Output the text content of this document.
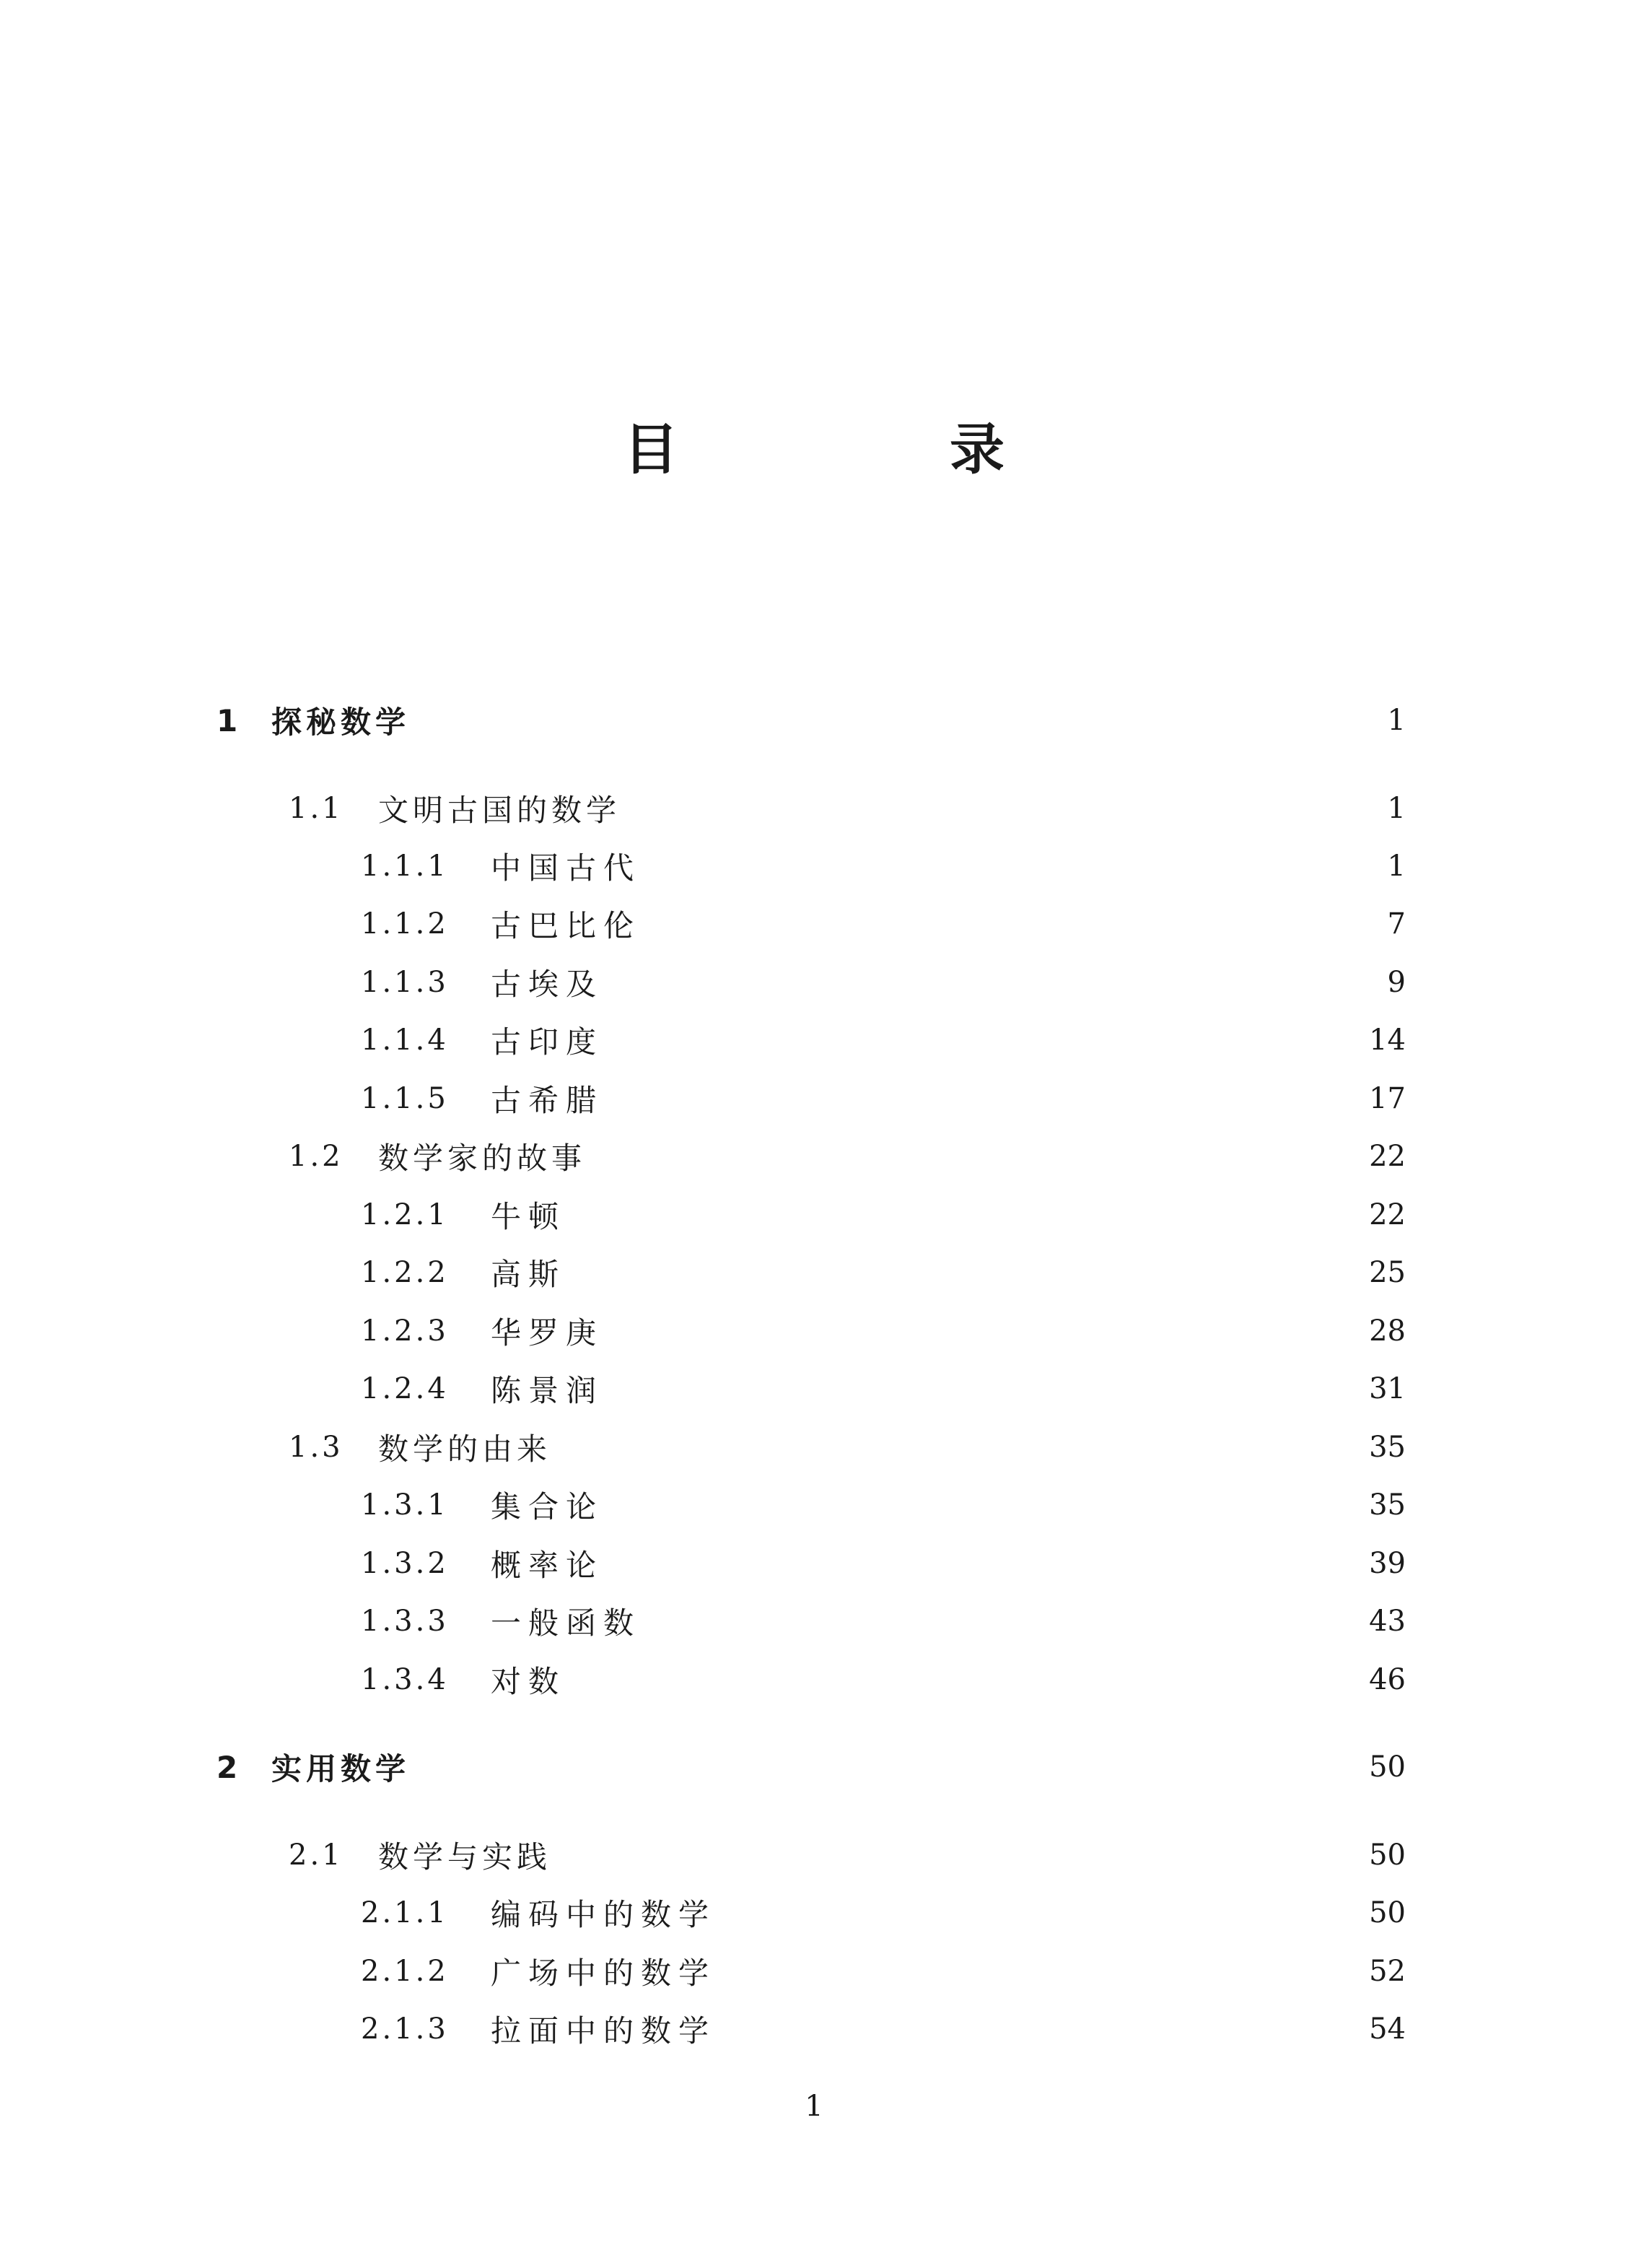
目　录
1	探秘数学	1
1.1	文明古国的数学	1
1.1.1	中国古代	1
1.1.2	古巴比伦	7
1.1.3	古埃及	9
1.1.4	古印度	14
1.1.5	古希腊	17
1.2	数学家的故事	22
1.2.1	牛顿	22
1.2.2	高斯	25
1.2.3	华罗庚	28
1.2.4	陈景润	31
1.3	数学的由来	35
1.3.1	集合论	35
1.3.2	概率论	39
1.3.3	一般函数	43
1.3.4	对数	46
2	实用数学	50
2.1	数学与实践	50
2.1.1	编码中的数学	50
2.1.2	广场中的数学	52
2.1.3	拉面中的数学	54
1
